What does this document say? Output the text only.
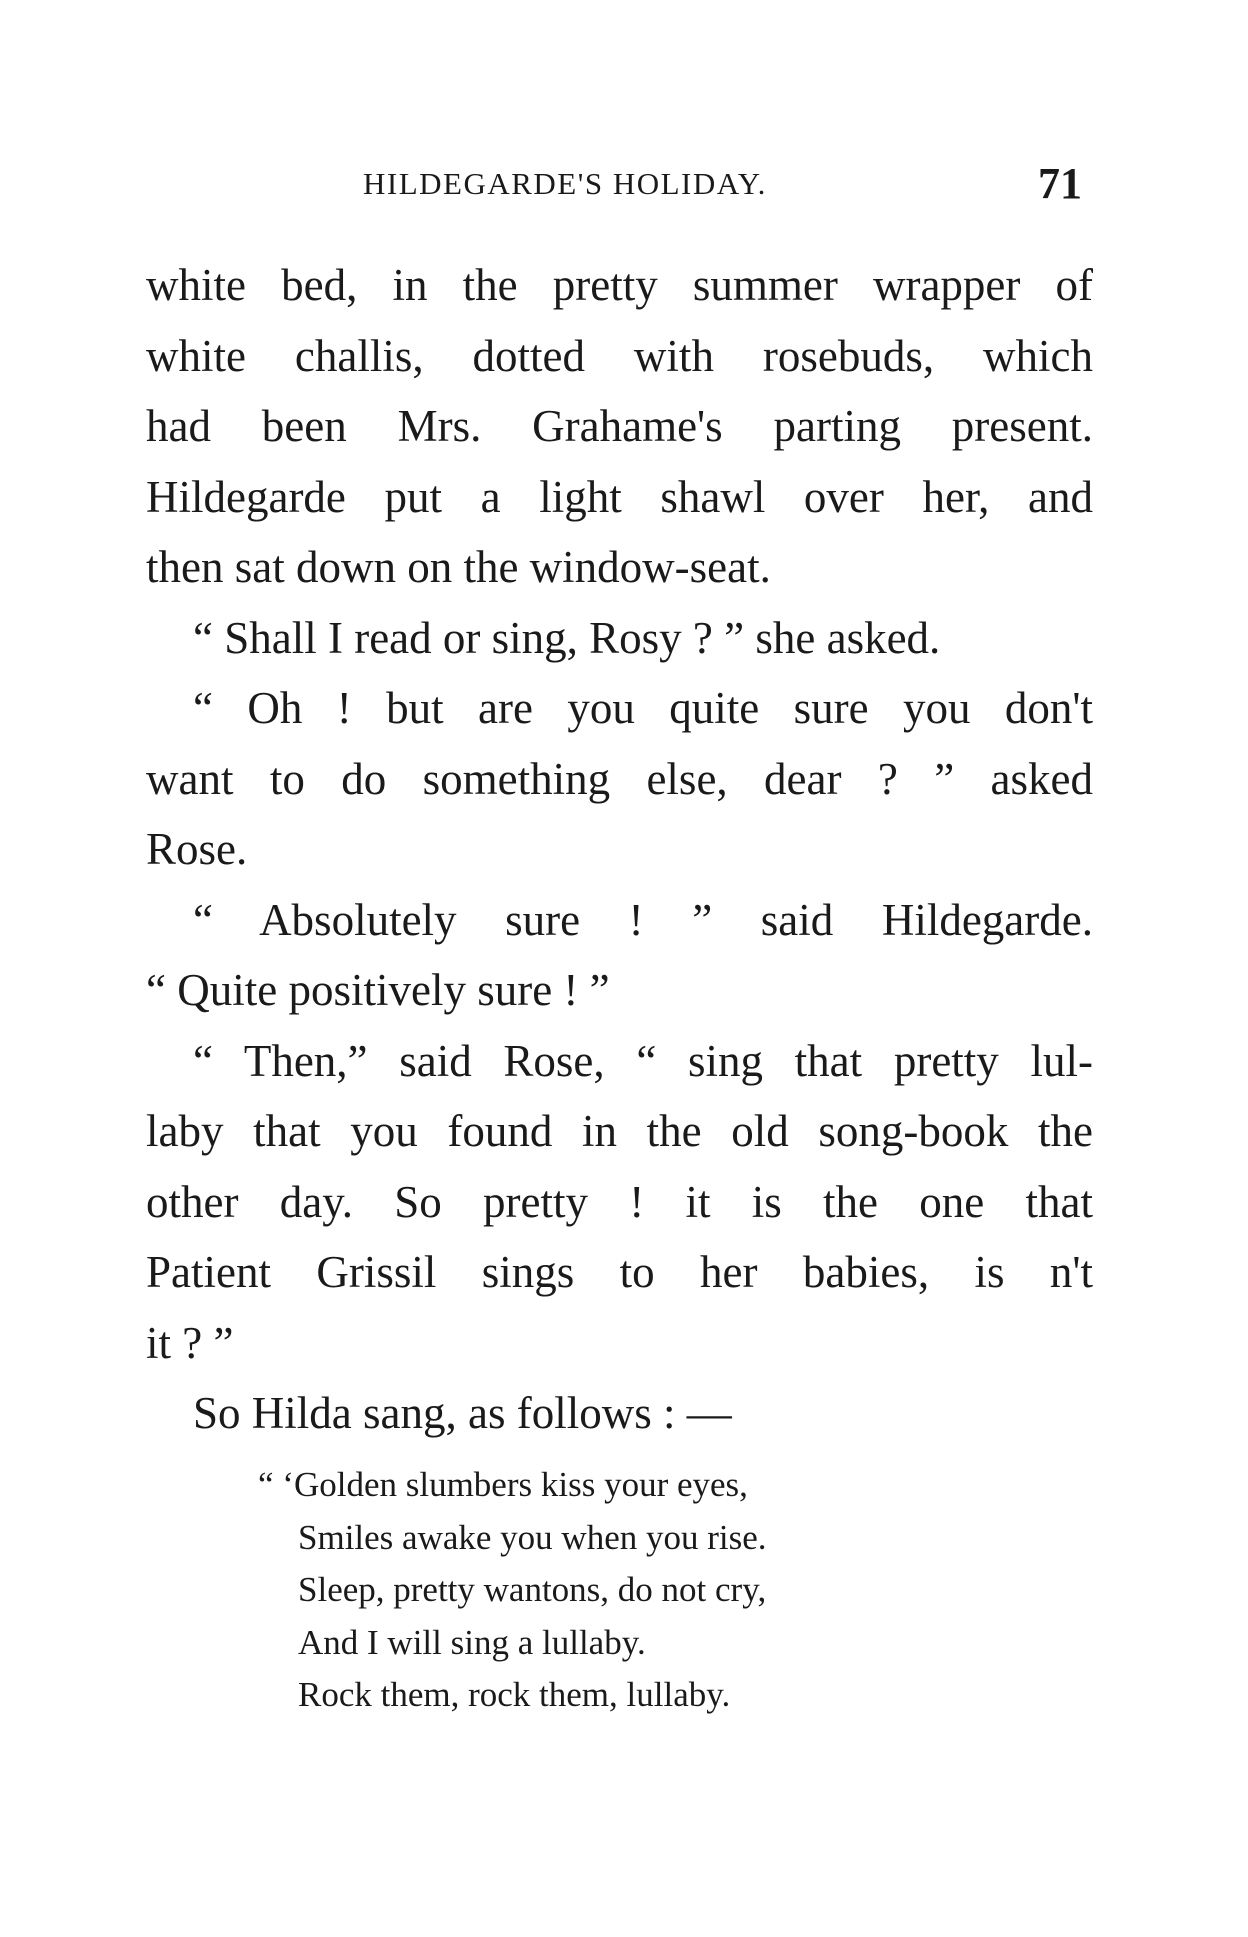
HILDEGARDE'S HOLIDAY.	71
white bed, in the pretty summer wrapper of
white challis, dotted with rosebuds, which
had been Mrs. Grahame's parting present.
Hildegarde put a light shawl over her, and
then sat down on the window-seat.
“ Shall I read or sing, Rosy ? ” she asked.
“ Oh ! but are you quite sure you don't
want to do something else, dear ? ” asked
Rose.
“ Absolutely sure ! ” said Hildegarde.
“ Quite positively sure ! ”
“ Then,” said Rose, “ sing that pretty lul-
laby that you found in the old song-book the
other day. So pretty ! it is the one that
Patient Grissil sings to her babies, is n't
it ? ”
So Hilda sang, as follows : —
“ ‘Golden slumbers kiss your eyes,
Smiles awake you when you rise.
Sleep, pretty wantons, do not cry,
And I will sing a lullaby.
Rock them, rock them, lullaby.
